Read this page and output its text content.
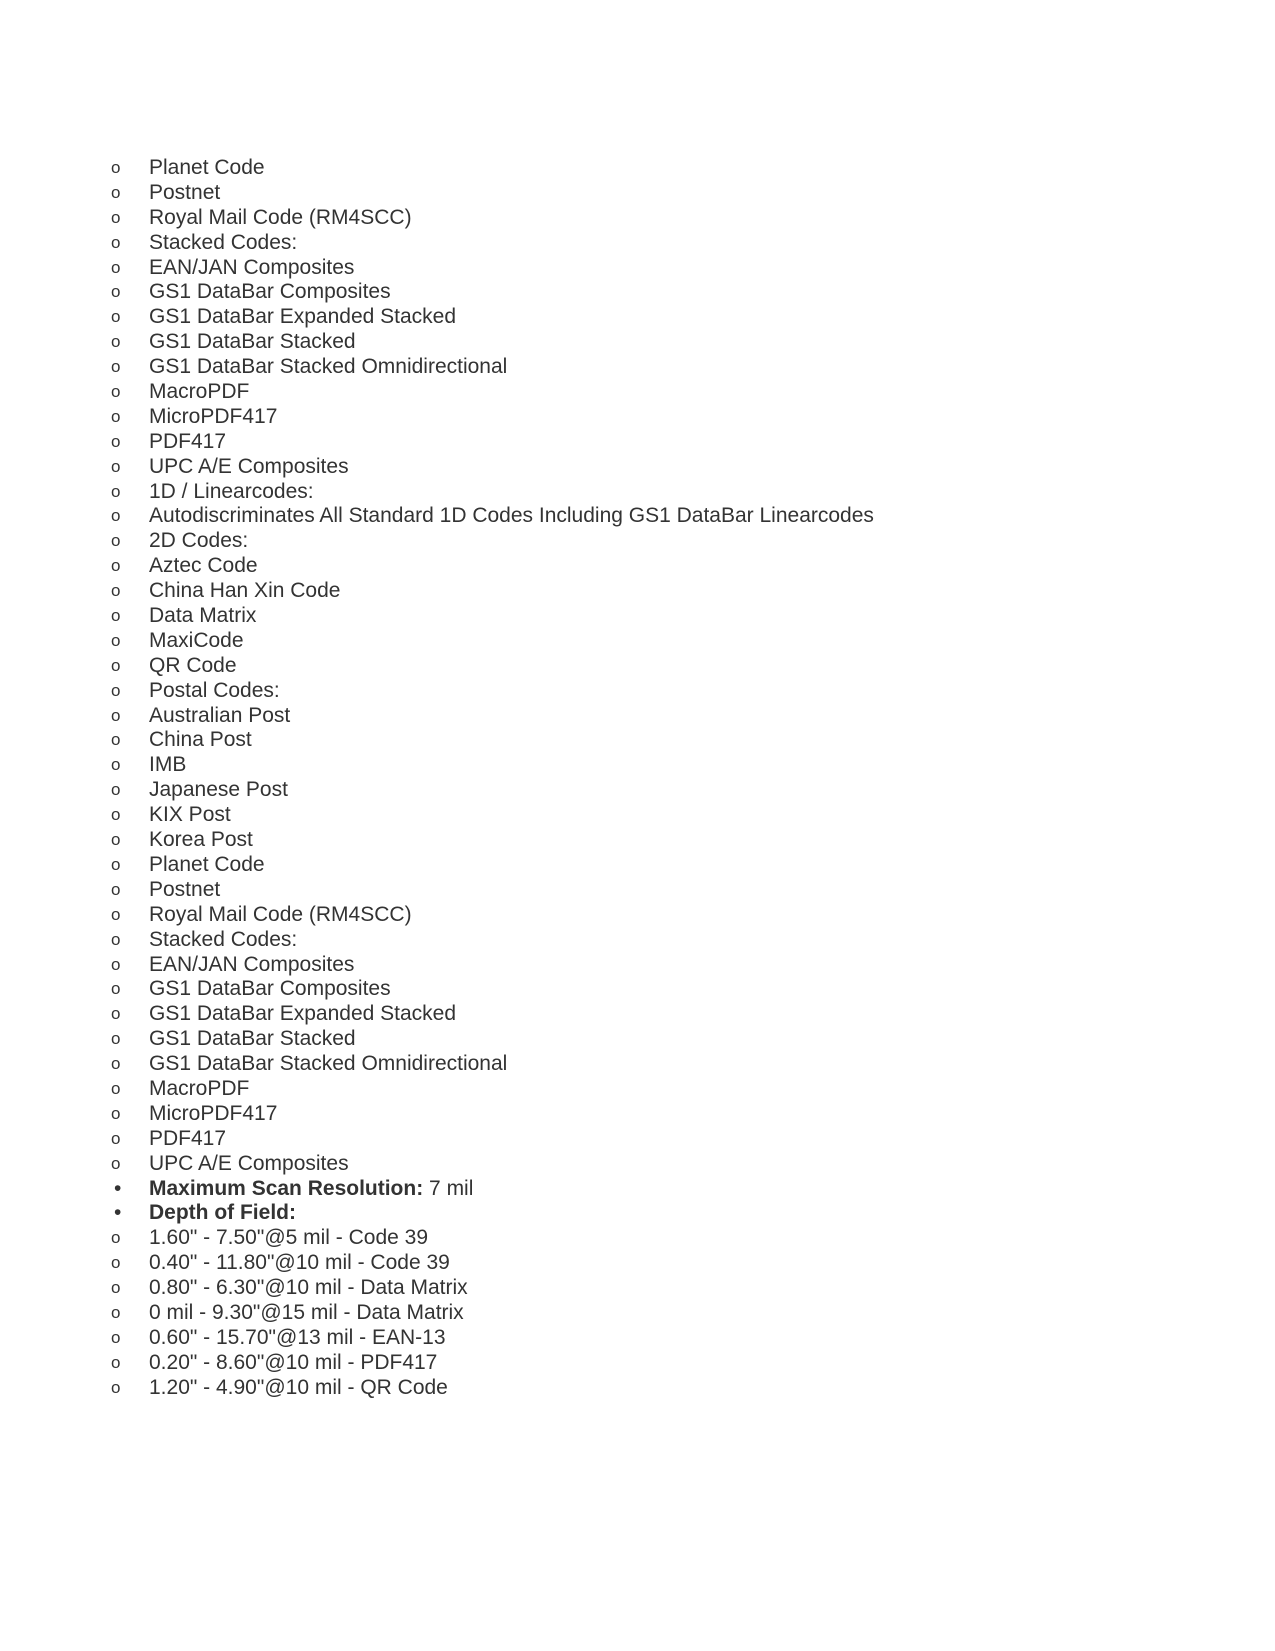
o	Planet Code
o	Postnet
o	Royal Mail Code (RM4SCC)
o	Stacked Codes:
o	EAN/JAN Composites
o	GS1 DataBar Composites
o	GS1 DataBar Expanded Stacked
o	GS1 DataBar Stacked
o	GS1 DataBar Stacked Omnidirectional
o	MacroPDF
o	MicroPDF417
o	PDF417
o	UPC A/E Composites
o	1D / Linearcodes:
o	Autodiscriminates All Standard 1D Codes Including GS1 DataBar Linearcodes
o	2D Codes:
o	Aztec Code
o	China Han Xin Code
o	Data Matrix
o	MaxiCode
o	QR Code
o	Postal Codes:
o	Australian Post
o	China Post
o	IMB
o	Japanese Post
o	KIX Post
o	Korea Post
o	Planet Code
o	Postnet
o	Royal Mail Code (RM4SCC)
o	Stacked Codes:
o	EAN/JAN Composites
o	GS1 DataBar Composites
o	GS1 DataBar Expanded Stacked
o	GS1 DataBar Stacked
o	GS1 DataBar Stacked Omnidirectional
o	MacroPDF
o	MicroPDF417
o	PDF417
o	UPC A/E Composites
•	Maximum Scan Resolution: 7 mil
•	Depth of Field:
o	1.60" - 7.50"@5 mil - Code 39
o	0.40" - 11.80"@10 mil - Code 39
o	0.80" - 6.30"@10 mil - Data Matrix
o	0 mil - 9.30"@15 mil - Data Matrix
o	0.60" - 15.70"@13 mil - EAN-13
o	0.20" - 8.60"@10 mil - PDF417
o	1.20" - 4.90"@10 mil - QR Code
